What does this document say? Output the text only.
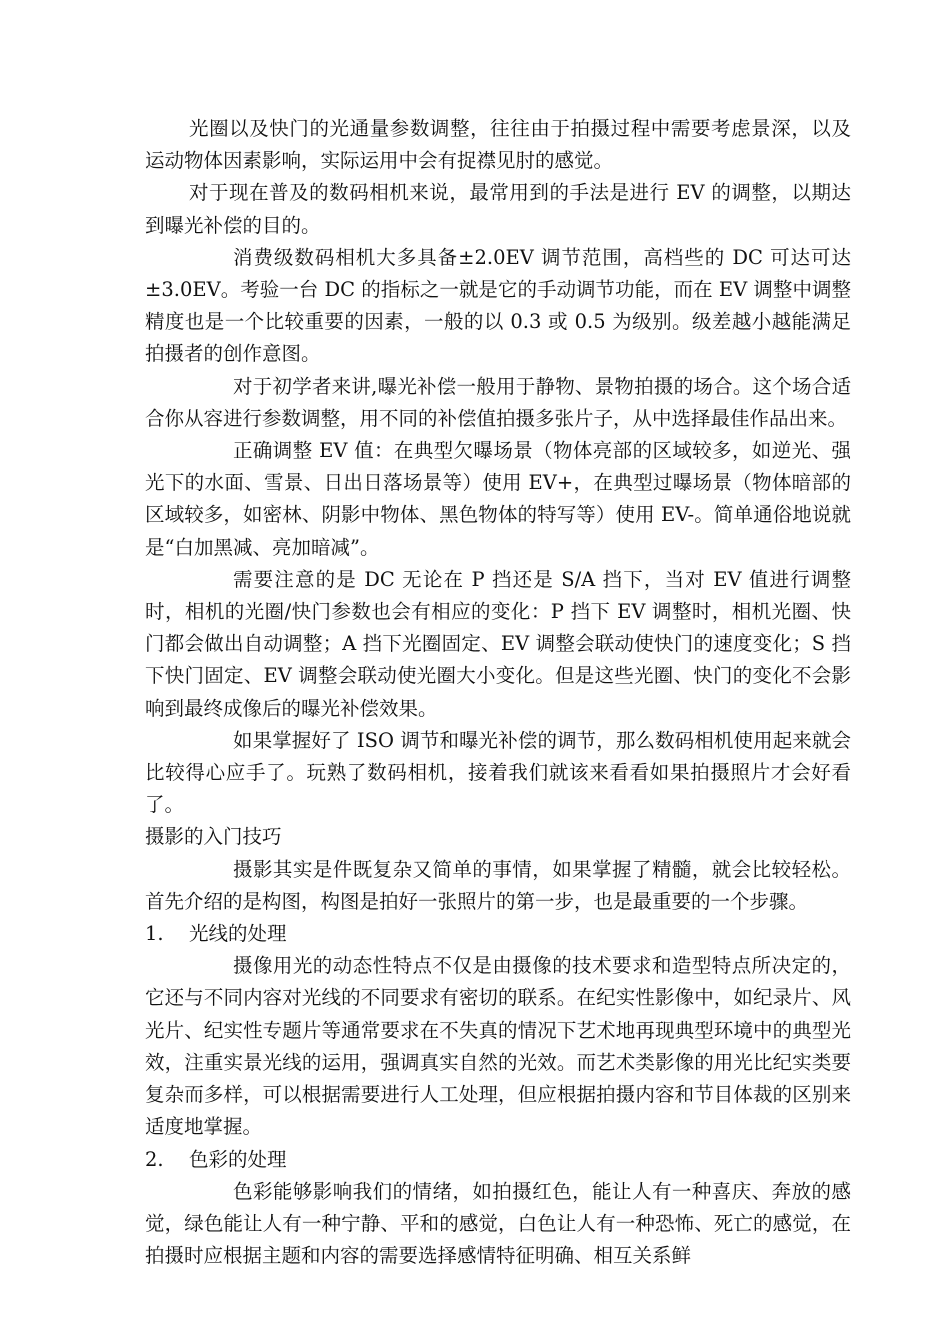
光圈以及快门的光通量参数调整，往往由于拍摄过程中需要考虑景深，以及运动物体因素影响，实际运用中会有捉襟见肘的感觉。

对于现在普及的数码相机来说，最常用到的手法是进行 EV 的调整，以期达到曝光补偿的目的。

消费级数码相机大多具备±2.0EV 调节范围，高档些的 DC 可达可达±3.0EV。考验一台 DC 的指标之一就是它的手动调节功能，而在 EV 调整中调整精度也是一个比较重要的因素，一般的以 0.3 或 0.5 为级别。级差越小越能满足拍摄者的创作意图。

对于初学者来讲,曝光补偿一般用于静物、景物拍摄的场合。这个场合适合你从容进行参数调整，用不同的补偿值拍摄多张片子，从中选择最佳作品出来。

正确调整 EV 值：在典型欠曝场景（物体亮部的区域较多，如逆光、强光下的水面、雪景、日出日落场景等）使用 EV+，在典型过曝场景（物体暗部的区域较多，如密林、阴影中物体、黑色物体的特写等）使用 EV-。简单通俗地说就是“白加黑减、亮加暗减”。

需要注意的是 DC 无论在 P 挡还是 S/A 挡下，当对 EV 值进行调整时，相机的光圈/快门参数也会有相应的变化：P 挡下 EV 调整时，相机光圈、快门都会做出自动调整；A 挡下光圈固定、EV 调整会联动使快门的速度变化；S 挡下快门固定、EV 调整会联动使光圈大小变化。但是这些光圈、快门的变化不会影响到最终成像后的曝光补偿效果。

如果掌握好了 ISO 调节和曝光补偿的调节，那么数码相机使用起来就会比较得心应手了。玩熟了数码相机，接着我们就该来看看如果拍摄照片才会好看了。

摄影的入门技巧

摄影其实是件既复杂又简单的事情，如果掌握了精髓，就会比较轻松。首先介绍的是构图，构图是拍好一张照片的第一步，也是最重要的一个步骤。

1. 光线的处理

摄像用光的动态性特点不仅是由摄像的技术要求和造型特点所决定的，它还与不同内容对光线的不同要求有密切的联系。在纪实性影像中，如纪录片、风光片、纪实性专题片等通常要求在不失真的情况下艺术地再现典型环境中的典型光效，注重实景光线的运用，强调真实自然的光效。而艺术类影像的用光比纪实类要复杂而多样，可以根据需要进行人工处理，但应根据拍摄内容和节目体裁的区别来适度地掌握。

2. 色彩的处理

色彩能够影响我们的情绪，如拍摄红色，能让人有一种喜庆、奔放的感觉，绿色能让人有一种宁静、平和的感觉，白色让人有一种恐怖、死亡的感觉，在拍摄时应根据主题和内容的需要选择感情特征明确、相互关系鲜
